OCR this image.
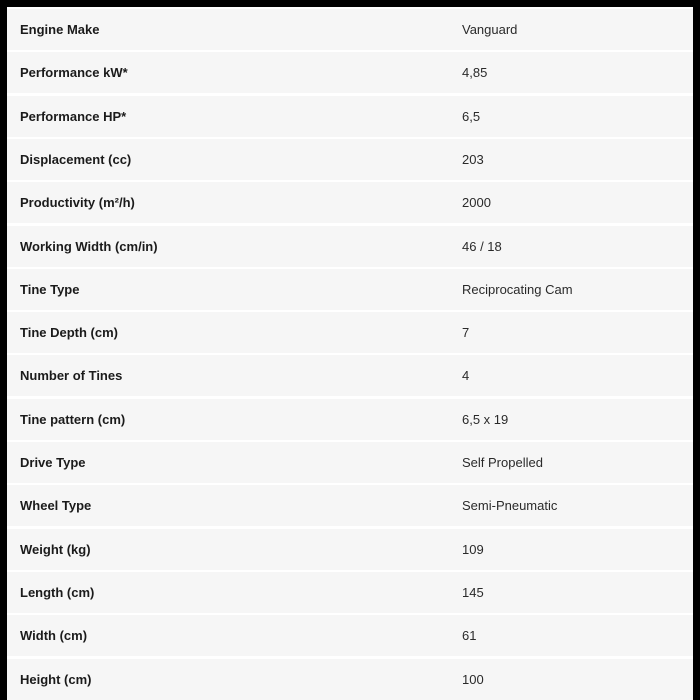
Engine Make	Vanguard
Performance kW*	4,85
Performance HP*	6,5
Displacement (cc)	203
Productivity (m²/h)	2000
Working Width (cm/in)	46 / 18
Tine Type	Reciprocating Cam
Tine Depth (cm)	7
Number of Tines	4
Tine pattern (cm)	6,5 x 19
Drive Type	Self Propelled
Wheel Type	Semi-Pneumatic
Weight (kg)	109
Length (cm)	145
Width (cm)	61
Height (cm)	100
